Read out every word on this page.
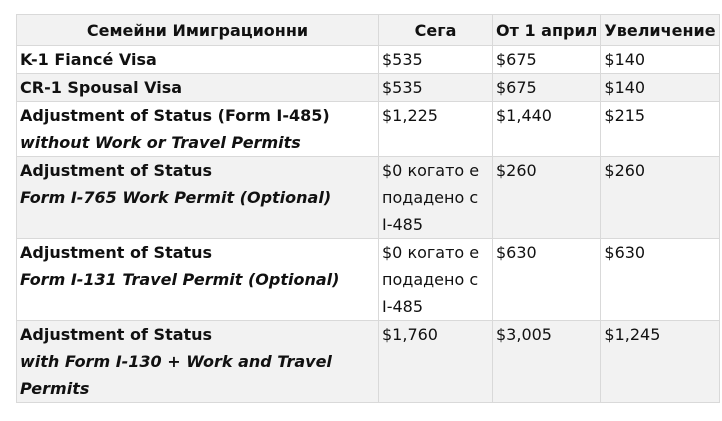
Семейни Имиграционни	Сега	От 1 април	Увеличение

K-1 Fiancé Visa	$535	$675	$140

CR-1 Spousal Visa	$535	$675	$140

Adjustment of Status (Form I-485)
without Work or Travel Permits	$1,225	$1,440	$215

Adjustment of Status
Form I-765 Work Permit (Optional)	$0 когато е подадено с I-485	$260	$260

Adjustment of Status
Form I-131 Travel Permit (Optional)	$0 когато е подадено с I-485	$630	$630

Adjustment of Status
with Form I-130 + Work and Travel Permits	$1,760	$3,005	$1,245
